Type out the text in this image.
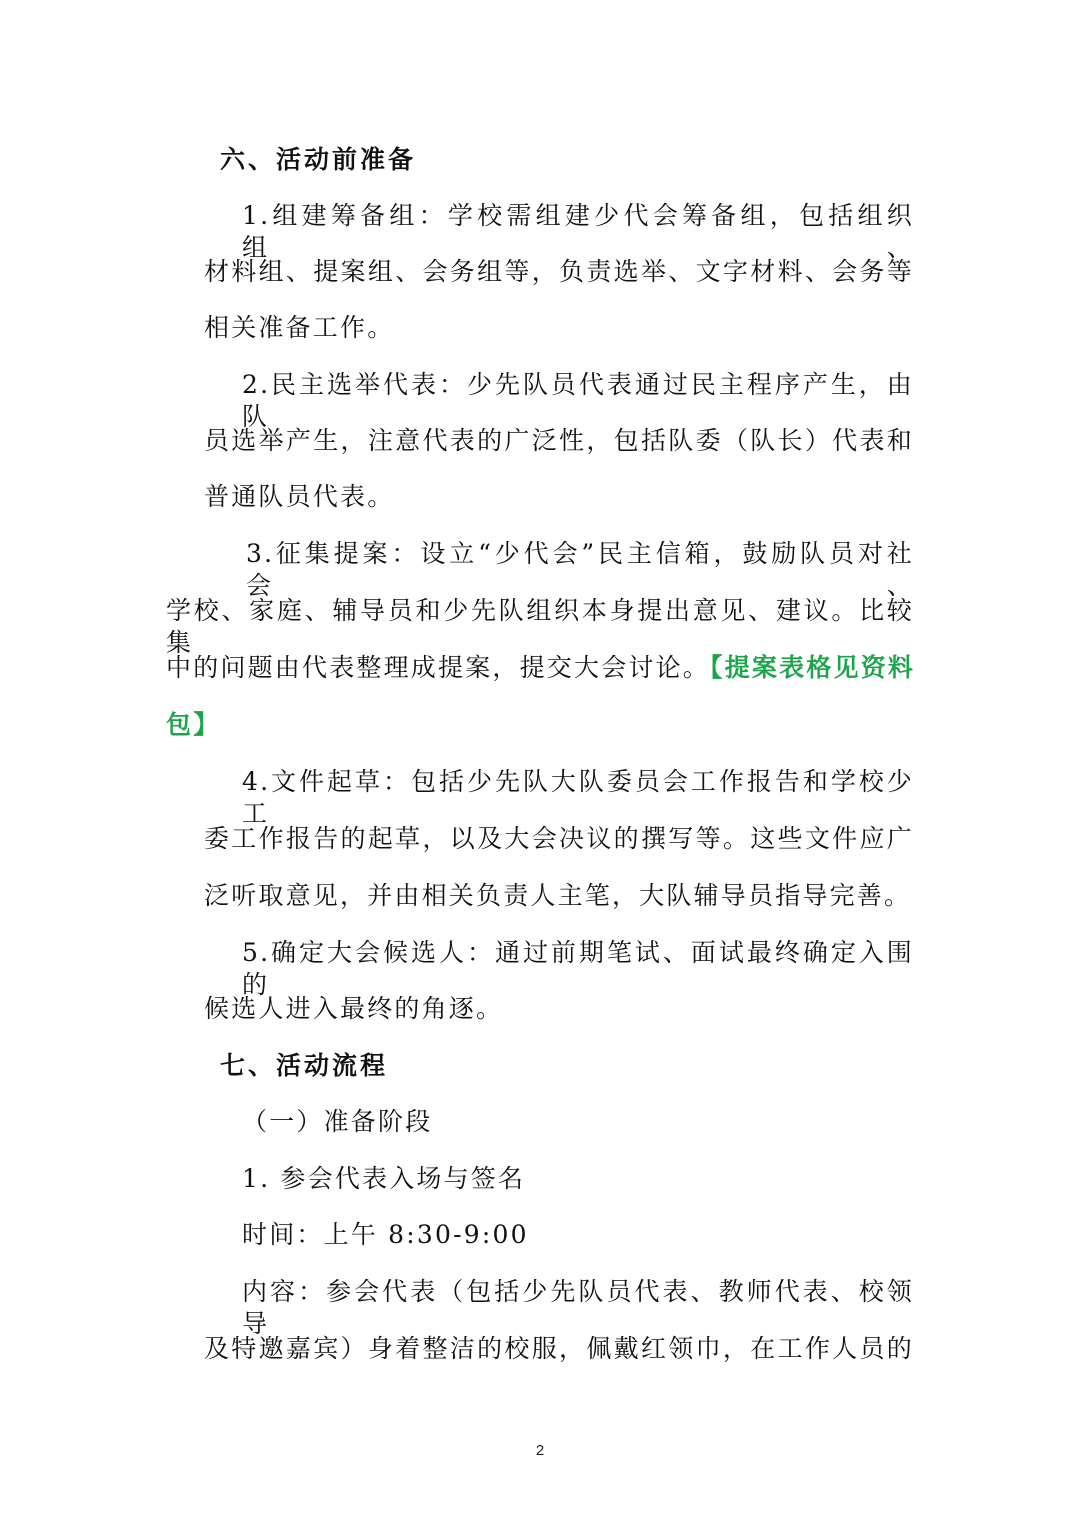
六、活动前准备
1.组建筹备组：学校需组建少代会筹备组，包括组织组、
材料组、提案组、会务组等，负责选举、文字材料、会务等
相关准备工作。
2.民主选举代表：少先队员代表通过民主程序产生，由队
员选举产生，注意代表的广泛性，包括队委（队长）代表和
普通队员代表。
3.征集提案：设立“少代会”民主信箱，鼓励队员对社会、
学校、家庭、辅导员和少先队组织本身提出意见、建议。比较集
中的问题由代表整理成提案，提交大会讨论。【提案表格见资料
包】
4.文件起草：包括少先队大队委员会工作报告和学校少工
委工作报告的起草，以及大会决议的撰写等。这些文件应广
泛听取意见，并由相关负责人主笔，大队辅导员指导完善。
5.确定大会候选人：通过前期笔试、面试最终确定入围的
候选人进入最终的角逐。
七、活动流程
（一）准备阶段
1. 参会代表入场与签名
时间：上午 8:30-9:00
内容：参会代表（包括少先队员代表、教师代表、校领导
及特邀嘉宾）身着整洁的校服，佩戴红领巾，在工作人员的
2
